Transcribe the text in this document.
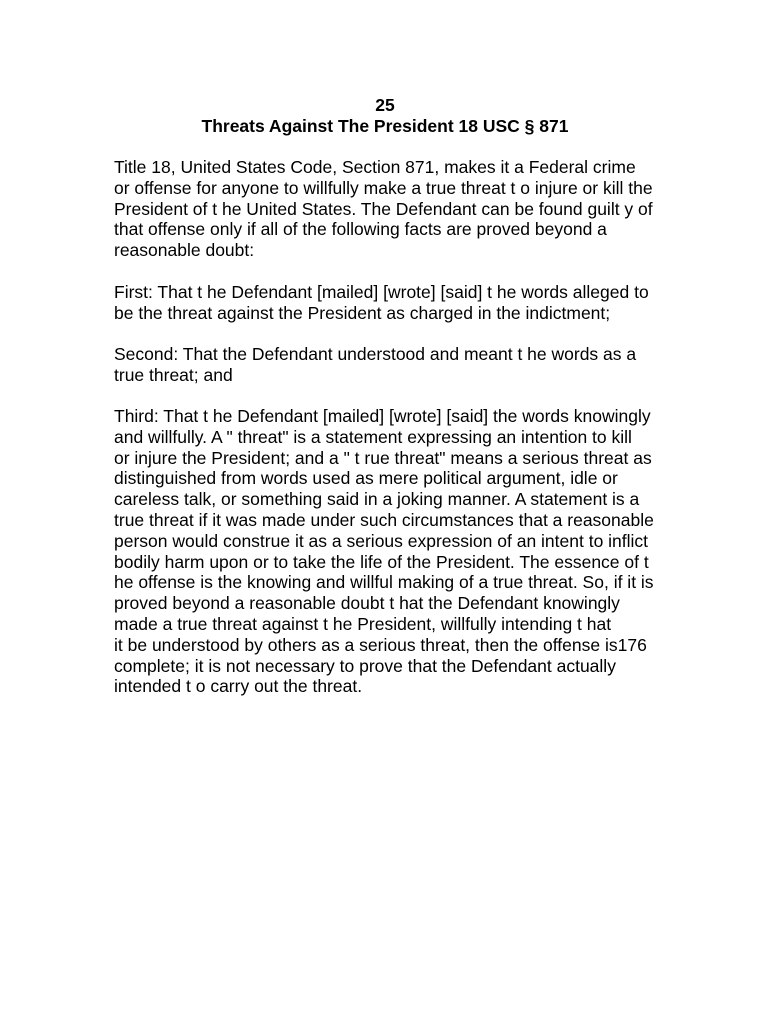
25
Threats Against The President 18 USC § 871

Title 18, United States Code, Section 871, makes it a Federal crime
or offense for anyone to willfully make a true threat t o injure or kill the
President of t he United States. The Defendant can be found guilt y of
that offense only if all of the following facts are proved beyond a
reasonable doubt:

First: That t he Defendant [mailed] [wrote] [said] t he words alleged to
be the threat against the President as charged in the indictment;

Second: That the Defendant understood and meant t he words as a
true threat; and

Third: That t he Defendant [mailed] [wrote] [said] the words knowingly
and willfully. A " threat" is a statement expressing an intention to kill
or injure the President; and a " t rue threat" means a serious threat as
distinguished from words used as mere political argument, idle or
careless talk, or something said in a joking manner. A statement is a
true threat if it was made under such circumstances that a reasonable
person would construe it as a serious expression of an intent to inflict
bodily harm upon or to take the life of the President. The essence of t
he offense is the knowing and willful making of a true threat. So, if it is
proved beyond a reasonable doubt t hat the Defendant knowingly
made a true threat against t he President, willfully intending t hat
it be understood by others as a serious threat, then the offense is176
complete; it is not necessary to prove that the Defendant actually
intended t o carry out the threat.
